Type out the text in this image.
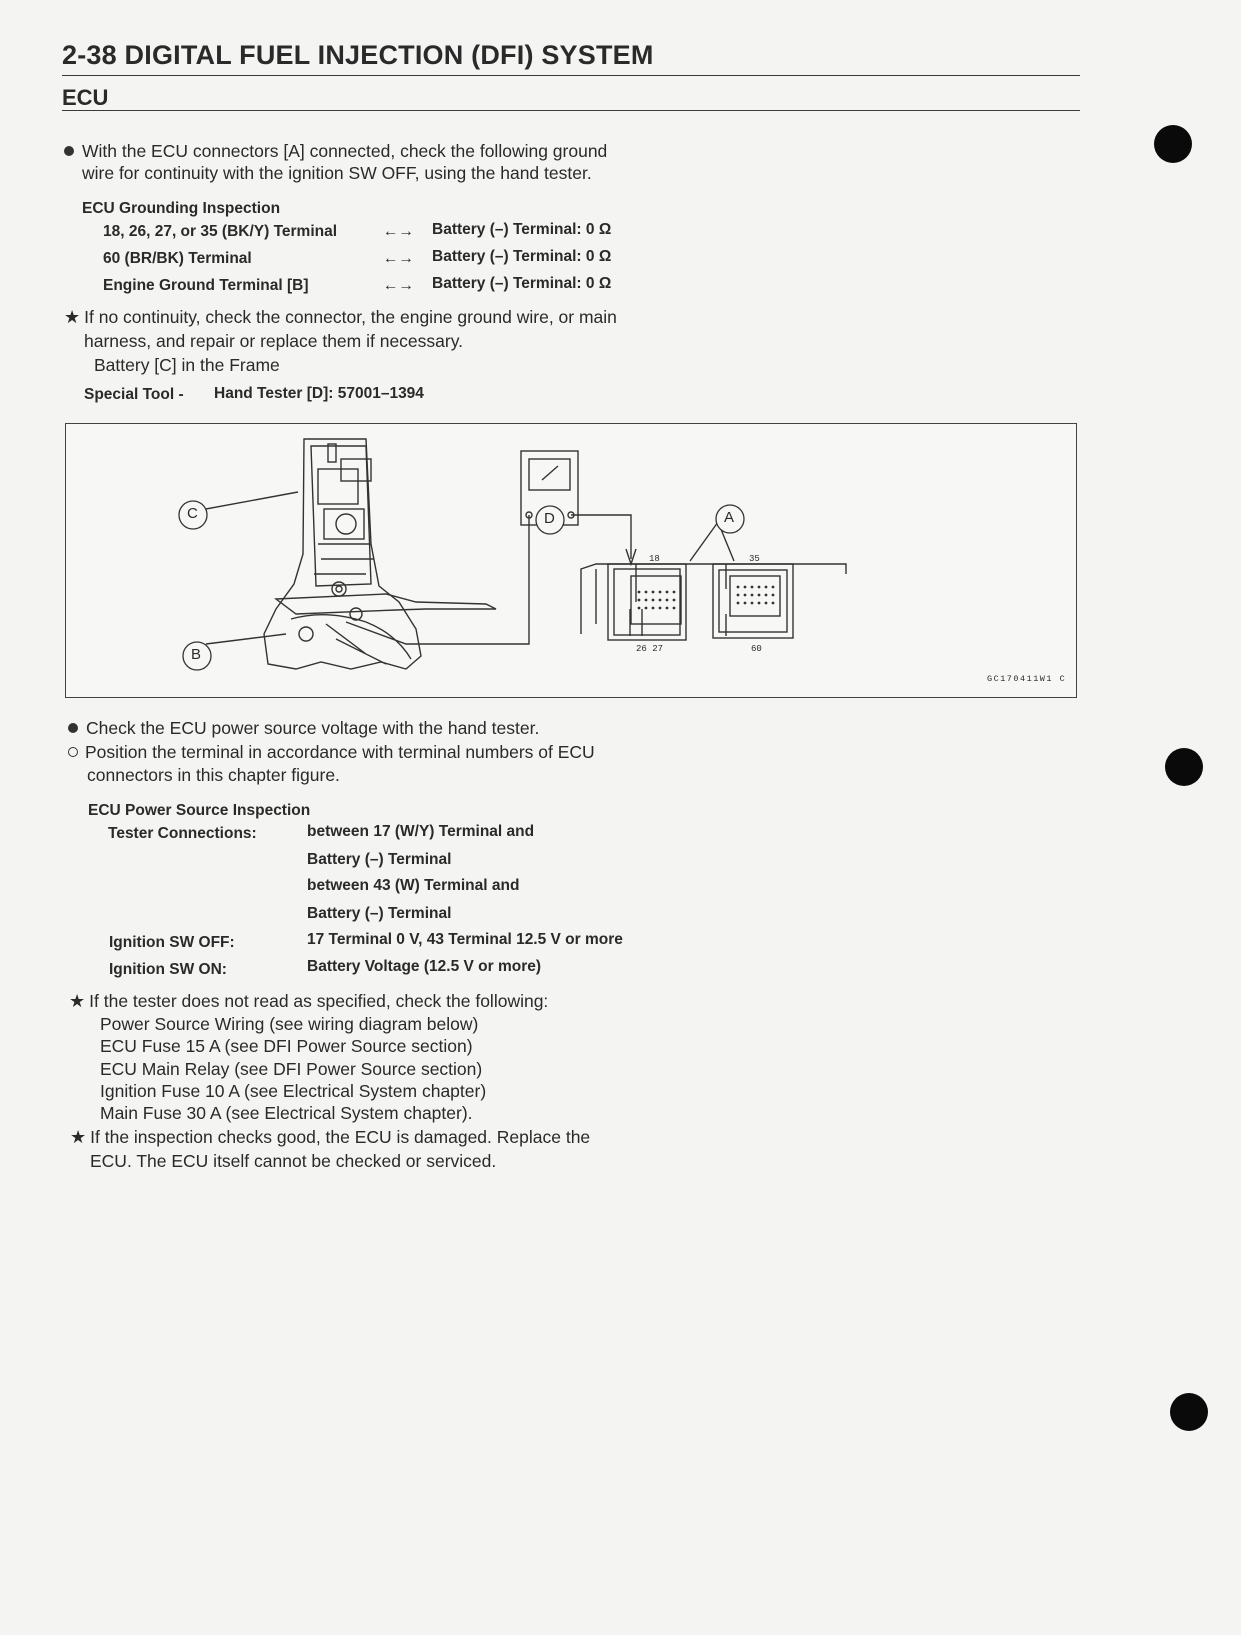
2-38 DIGITAL FUEL INJECTION (DFI) SYSTEM
ECU
With the ECU connectors [A] connected, check the following ground
wire for continuity with the ignition SW OFF, using the hand tester.
ECU Grounding Inspection
18, 26, 27, or 35 (BK/Y) Terminal	←→ Battery (–) Terminal: 0 Ω
60 (BR/BK) Terminal	←→ Battery (–) Terminal: 0 Ω
Engine Ground Terminal [B]	←→ Battery (–) Terminal: 0 Ω
★ If no continuity, check the connector, the engine ground wire, or main
harness, and repair or replace them if necessary.
Battery [C] in the Frame
Special Tool - Hand Tester [D]: 57001–1394
C
B
D	A
18	35
26 27	60
GC170411W1 C
Check the ECU power source voltage with the hand tester.
Position the terminal in accordance with terminal numbers of ECU
connectors in this chapter figure.
ECU Power Source Inspection
Tester Connections:	between 17 (W/Y) Terminal and
Battery (–) Terminal
between 43 (W) Terminal and
Battery (–) Terminal
Ignition SW OFF:	17 Terminal 0 V, 43 Terminal 12.5 V or more
Ignition SW ON:	Battery Voltage (12.5 V or more)
★ If the tester does not read as specified, check the following:
Power Source Wiring (see wiring diagram below)
ECU Fuse 15 A (see DFI Power Source section)
ECU Main Relay (see DFI Power Source section)
Ignition Fuse 10 A (see Electrical System chapter)
Main Fuse 30 A (see Electrical System chapter).
★ If the inspection checks good, the ECU is damaged. Replace the
ECU. The ECU itself cannot be checked or serviced.
